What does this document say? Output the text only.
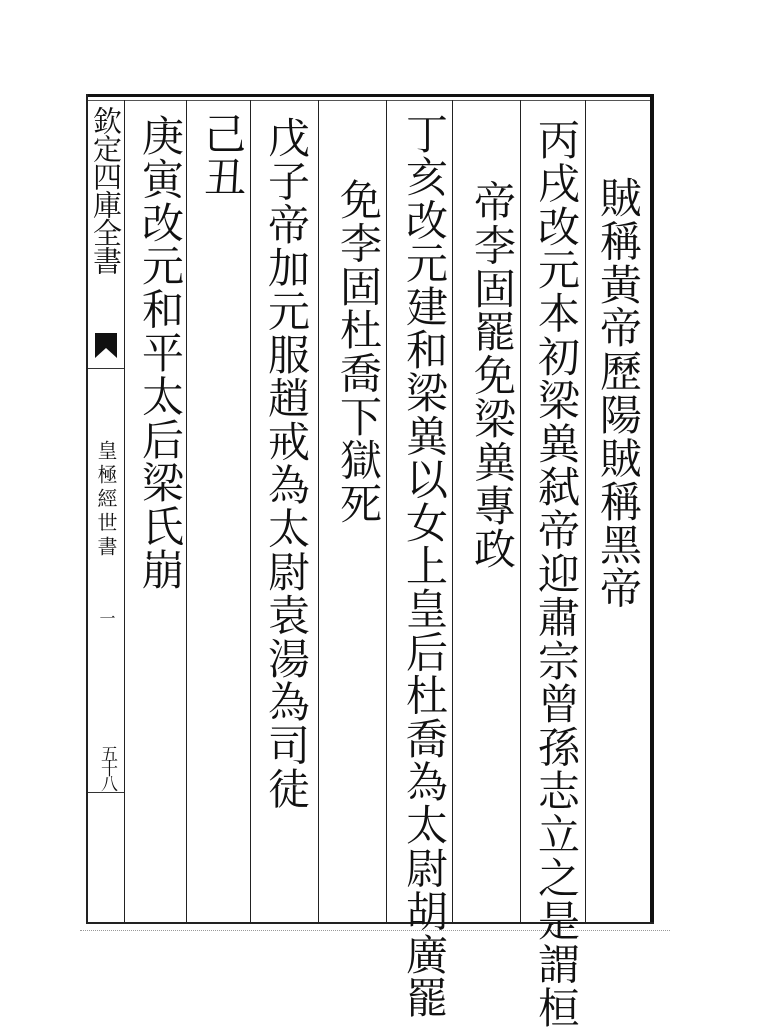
欽定四庫全書
皇極經世書
一
五十八
賊稱黃帝歷陽賊稱黑帝
丙戌改元本初梁兾弑帝迎肅宗曾孫志立之是謂桓
帝李固罷免梁兾專政
丁亥改元建和梁兾以女上皇后杜喬為太尉胡廣罷
免李固杜喬下獄死
戊子帝加元服趙戒為太尉袁湯為司徒
己丑
庚寅改元和平太后梁氏崩
